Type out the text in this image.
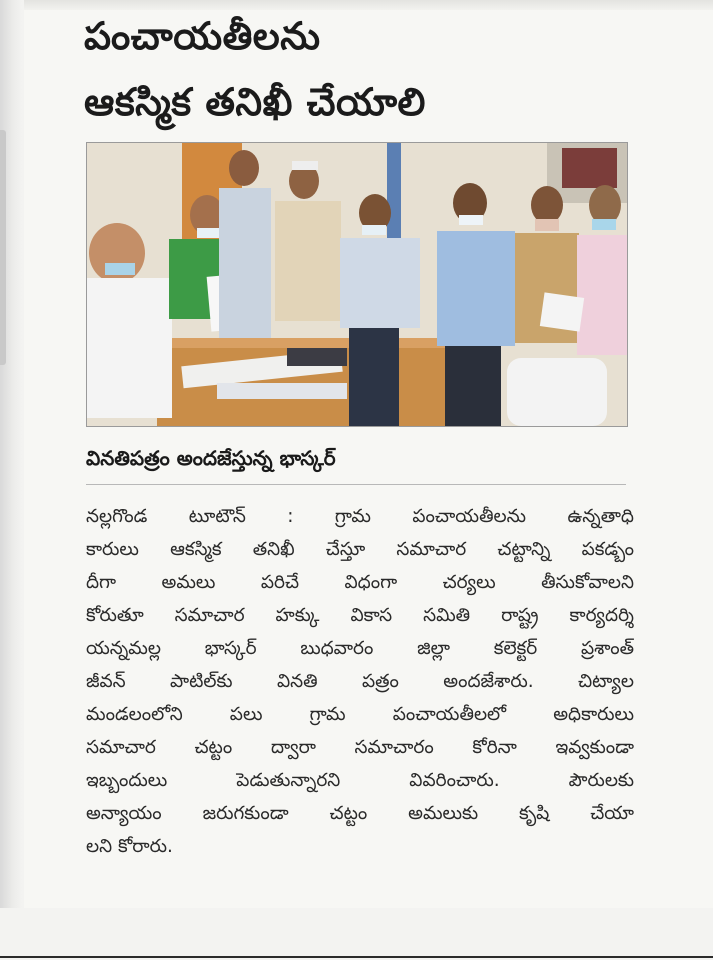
పంచాయతీలను
ఆకస్మిక తనిఖీ చేయాలి

వినతిపత్రం అందజేస్తున్న భాస్కర్

నల్లగొండ టూటౌన్ : గ్రామ పంచాయతీలను ఉన్నతాధి
కారులు ఆకస్మిక తనిఖీ చేస్తూ సమాచార చట్టాన్ని పకడ్బం
దీగా అమలు పరిచే విధంగా చర్యలు తీసుకోవాలని
కోరుతూ సమాచార హక్కు వికాస సమితి రాష్ట్ర కార్యదర్శి
యన్నమల్ల భాస్కర్ బుధవారం జిల్లా కలెక్టర్ ప్రశాంత్
జీవన్ పాటిల్‌కు వినతి పత్రం అందజేశారు. చిట్యాల
మండలంలోని పలు గ్రామ పంచాయతీలలో అధికారులు
సమాచార చట్టం ద్వారా సమాచారం కోరినా ఇవ్వకుండా
ఇబ్బందులు పెడుతున్నారని వివరించారు. పౌరులకు
అన్యాయం జరుగకుండా చట్టం అమలుకు కృషి చేయా
లని కోరారు.
